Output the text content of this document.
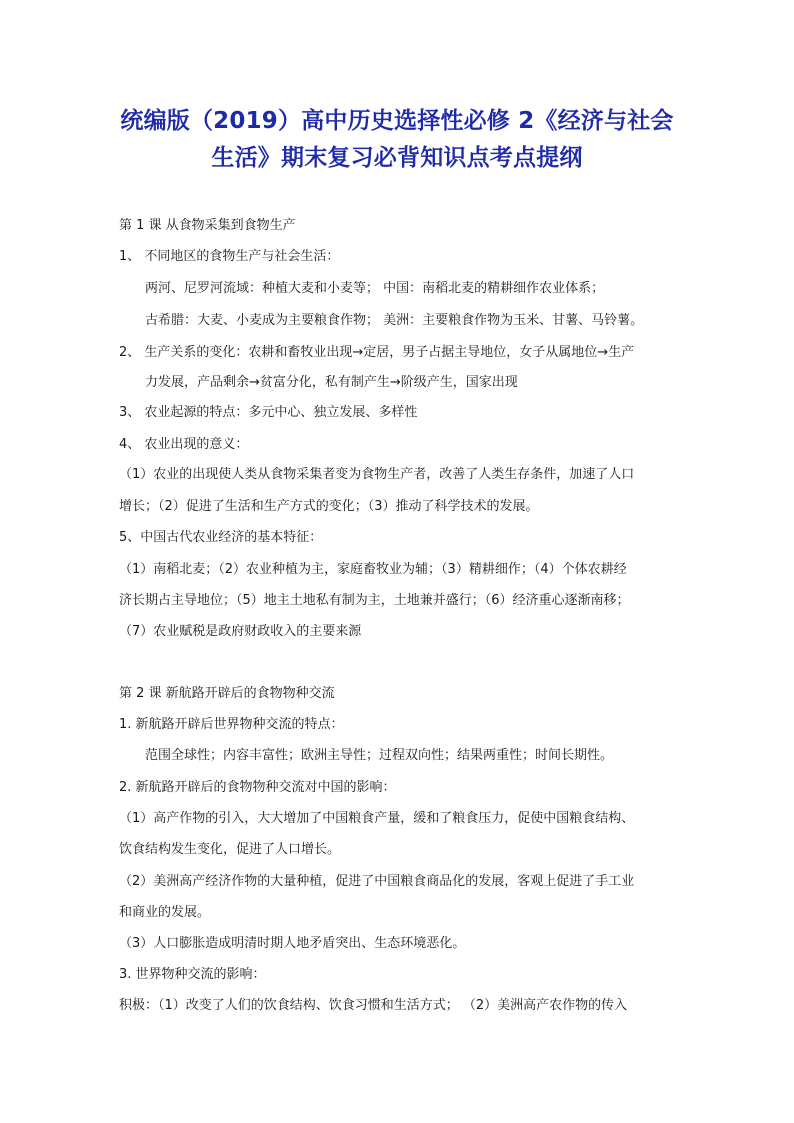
统编版（2019）高中历史选择性必修 2《经济与社会
生活》期末复习必背知识点考点提纲
第 1 课 从食物采集到食物生产
1、 不同地区的食物生产与社会生活：
两河、尼罗河流域：种植大麦和小麦等； 中国：南稻北麦的精耕细作农业体系；
古希腊：大麦、小麦成为主要粮食作物； 美洲：主要粮食作物为玉米、甘薯、马铃薯。
2、 生产关系的变化：农耕和畜牧业出现→定居，男子占据主导地位，女子从属地位→生产
力发展，产品剩余→贫富分化，私有制产生→阶级产生，国家出现
3、 农业起源的特点：多元中心、独立发展、多样性
4、 农业出现的意义：
（1）农业的出现使人类从食物采集者变为食物生产者，改善了人类生存条件，加速了人口
增长；（2）促进了生活和生产方式的变化；（3）推动了科学技术的发展。
5、中国古代农业经济的基本特征：
（1）南稻北麦；（2）农业种植为主，家庭畜牧业为辅；（3）精耕细作；（4）个体农耕经
济长期占主导地位；（5）地主土地私有制为主，土地兼并盛行；（6）经济重心逐渐南移；
（7）农业赋税是政府财政收入的主要来源
第 2 课 新航路开辟后的食物物种交流
1. 新航路开辟后世界物种交流的特点：
范围全球性；内容丰富性；欧洲主导性；过程双向性；结果两重性；时间长期性。
2. 新航路开辟后的食物物种交流对中国的影响：
（1）高产作物的引入，大大增加了中国粮食产量，缓和了粮食压力，促使中国粮食结构、
饮食结构发生变化，促进了人口增长。
（2）美洲高产经济作物的大量种植，促进了中国粮食商品化的发展，客观上促进了手工业
和商业的发展。
（3）人口膨胀造成明清时期人地矛盾突出、生态环境恶化。
3. 世界物种交流的影响：
积极：（1）改变了人们的饮食结构、饮食习惯和生活方式； （2）美洲高产农作物的传入
